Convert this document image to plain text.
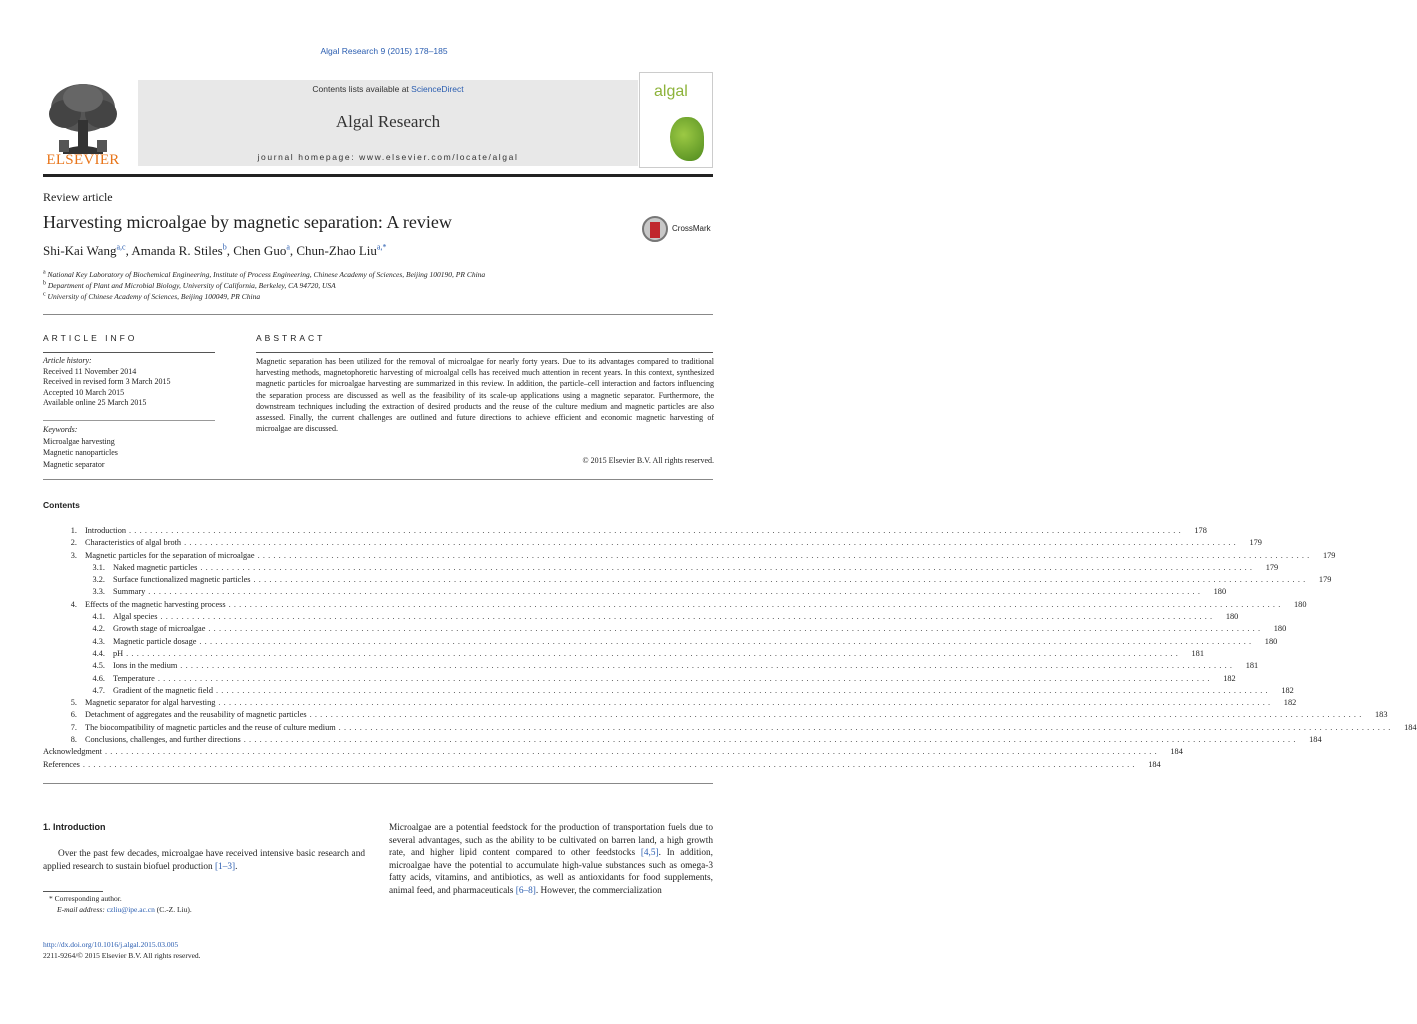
Algal Research 9 (2015) 178–185
ELSEVIER
Contents lists available at ScienceDirect
Algal Research
journal homepage: www.elsevier.com/locate/algal
algal
Review article
Harvesting microalgae by magnetic separation: A review
Shi-Kai Wang$^{a,c}$, Amanda R. Stiles$^b$, Chen Guo$^a$, Chun-Zhao Liu$^{a,*}$
CrossMark
$^a$ National Key Laboratory of Biochemical Engineering, Institute of Process Engineering, Chinese Academy of Sciences, Beijing 100190, PR China
$^b$ Department of Plant and Microbial Biology, University of California, Berkeley, CA 94720, USA
$^c$ University of Chinese Academy of Sciences, Beijing 100049, PR China
ARTICLE INFO	ABSTRACT
Article history:
Received 11 November 2014
Received in revised form 3 March 2015
Accepted 10 March 2015
Available online 25 March 2015
Keywords:
Microalgae harvesting
Magnetic nanoparticles
Magnetic separator
Magnetic separation has been utilized for the removal of microalgae for nearly forty years. Due to its advantages compared to traditional harvesting methods, magnetophoretic harvesting of microalgal cells has received much attention in recent years. In this context, synthesized magnetic particles for microalgae harvesting are summarized in this review. In addition, the particle–cell interaction and factors influencing the separation process are discussed as well as the feasibility of its scale-up applications using a magnetic separator. Furthermore, the downstream techniques including the extraction of desired products and the reuse of the culture medium and magnetic particles are also assessed. Finally, the current challenges are outlined and future directions to achieve efficient and economic magnetic harvesting of microalgae are discussed.
© 2015 Elsevier B.V. All rights reserved.
Contents
1. Introduction ........................................................................................................................................................................................................	178
2. Characteristics of algal broth ........................................................................................................................................................................................................	179
3. Magnetic particles for the separation of microalgae ........................................................................................................................................................................................................	179
3.1. Naked magnetic particles ........................................................................................................................................................................................................	179
3.2. Surface functionalized magnetic particles ........................................................................................................................................................................................................	179
3.3. Summary ........................................................................................................................................................................................................	180
4. Effects of the magnetic harvesting process ........................................................................................................................................................................................................	180
4.1. Algal species ........................................................................................................................................................................................................	180
4.2. Growth stage of microalgae ........................................................................................................................................................................................................	180
4.3. Magnetic particle dosage ........................................................................................................................................................................................................	180
4.4. pH ........................................................................................................................................................................................................	181
4.5. Ions in the medium ........................................................................................................................................................................................................	181
4.6. Temperature ........................................................................................................................................................................................................	182
4.7. Gradient of the magnetic field ........................................................................................................................................................................................................	182
5. Magnetic separator for algal harvesting ........................................................................................................................................................................................................	182
6. Detachment of aggregates and the reusability of magnetic particles ........................................................................................................................................................................................................	183
7. The biocompatibility of magnetic particles and the reuse of culture medium ........................................................................................................................................................................................................	184
8. Conclusions, challenges, and further directions ........................................................................................................................................................................................................	184
Acknowledgment ........................................................................................................................................................................................................	184
References ........................................................................................................................................................................................................	184
1. Introduction
Over the past few decades, microalgae have received intensive basic research and applied research to sustain biofuel production [1–3].
Microalgae are a potential feedstock for the production of transportation fuels due to several advantages, such as the ability to be cultivated on barren land, a high growth rate, and higher lipid content compared to other feedstocks [4,5]. In addition, microalgae have the potential to accumulate high-value substances such as omega-3 fatty acids, vitamins, and antibiotics, as well as antioxidants for food supplements, animal feed, and pharmaceuticals [6–8]. However, the commercialization
* Corresponding author.
E-mail address: czliu@ipe.ac.cn (C.-Z. Liu).
http://dx.doi.org/10.1016/j.algal.2015.03.005
2211-9264/© 2015 Elsevier B.V. All rights reserved.
